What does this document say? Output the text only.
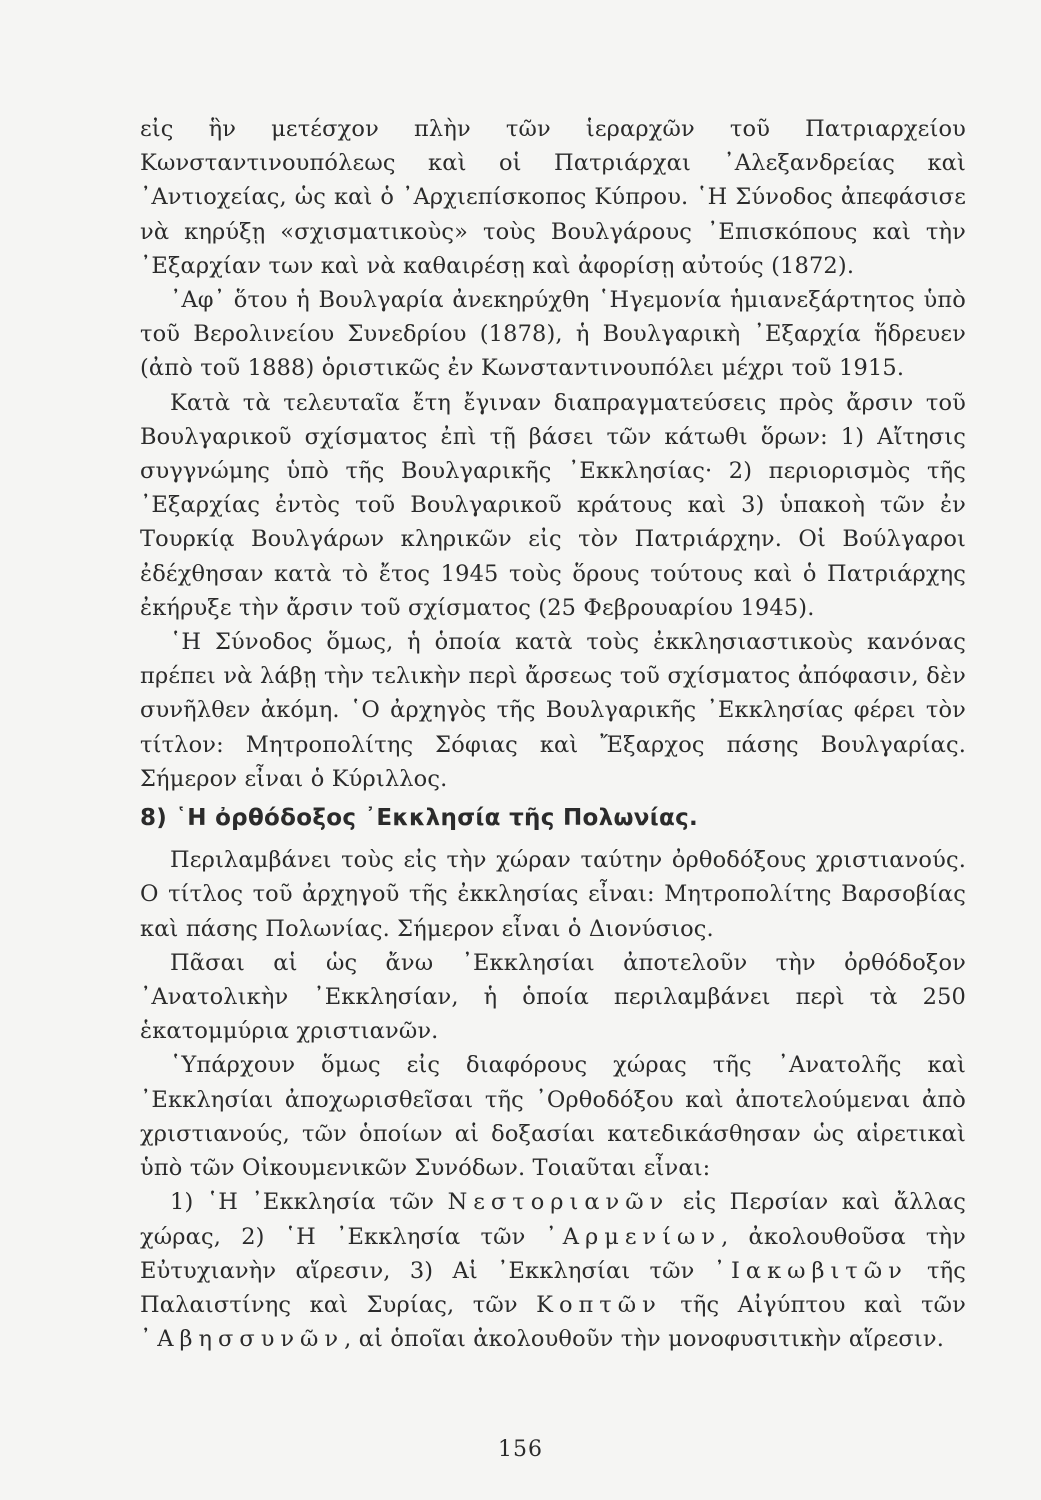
εἰς ἣν μετέσχον πλὴν τῶν ἱεραρχῶν τοῦ Πατριαρχείου Κωνσταντινουπόλεως καὶ οἱ Πατριάρχαι ᾿Αλεξανδρείας καὶ ᾿Αντιοχείας, ὡς καὶ ὁ ᾿Αρχιεπίσκοπος Κύπρου. ῾Η Σύνοδος ἀπεφάσισε νὰ κηρύξῃ «σχισματικοὺς» τοὺς Βουλγάρους ᾿Επισκόπους καὶ τὴν ᾿Εξαρχίαν των καὶ νὰ καθαιρέσῃ καὶ ἀφορίσῃ αὐτούς (1872).

᾿Αφ᾿ ὅτου ἡ Βουλγαρία ἀνεκηρύχθη ῾Ηγεμονία ἡμιανεξάρτητος ὑπὸ τοῦ Βερολινείου Συνεδρίου (1878), ἡ Βουλγαρικὴ ᾿Εξαρχία ἥδρευεν (ἀπὸ τοῦ 1888) ὁριστικῶς ἐν Κωνσταντινουπόλει μέχρι τοῦ 1915.

Κατὰ τὰ τελευταῖα ἔτη ἔγιναν διαπραγματεύσεις πρὸς ἄρσιν τοῦ Βουλγαρικοῦ σχίσματος ἐπὶ τῇ βάσει τῶν κάτωθι ὅρων: 1) Αἴτησις συγγνώμης ὑπὸ τῆς Βουλγαρικῆς ᾿Εκκλησίας· 2) περιορισμὸς τῆς ᾿Εξαρχίας ἐντὸς τοῦ Βουλγαρικοῦ κράτους καὶ 3) ὑπακοὴ τῶν ἐν Τουρκίᾳ Βουλγάρων κληρικῶν εἰς τὸν Πατριάρχην. Οἱ Βούλγαροι ἐδέχθησαν κατὰ τὸ ἔτος 1945 τοὺς ὅρους τούτους καὶ ὁ Πατριάρχης ἐκήρυξε τὴν ἄρσιν τοῦ σχίσματος (25 Φεβρουαρίου 1945).

῾Η Σύνοδος ὅμως, ἡ ὁποία κατὰ τοὺς ἐκκλησιαστικοὺς κανόνας πρέπει νὰ λάβῃ τὴν τελικὴν περὶ ἄρσεως τοῦ σχίσματος ἀπόφασιν, δὲν συνῆλθεν ἀκόμη. ῾Ο ἀρχηγὸς τῆς Βουλγαρικῆς ᾿Εκκλησίας φέρει τὸν τίτλον: Μητροπολίτης Σόφιας καὶ Ἔξαρχος πάσης Βουλγαρίας. Σήμερον εἶναι ὁ Κύριλλος.

8) ῾Η ὀρθόδοξος ᾿Εκκλησία τῆς Πολωνίας.

Περιλαμβάνει τοὺς εἰς τὴν χώραν ταύτην ὀρθοδόξους χριστιανούς. Ο τίτλος τοῦ ἀρχηγοῦ τῆς ἐκκλησίας εἶναι: Μητροπολίτης Βαρσοβίας καὶ πάσης Πολωνίας. Σήμερον εἶναι ὁ Διονύσιος.

Πᾶσαι αἱ ὡς ἄνω ᾿Εκκλησίαι ἀποτελοῦν τὴν ὀρθόδοξον ᾿Ανατολικὴν ᾿Εκκλησίαν, ἡ ὁποία περιλαμβάνει περὶ τὰ 250 ἑκατομμύρια χριστιανῶν.

῾Υπάρχουν ὅμως εἰς διαφόρους χώρας τῆς ᾿Ανατολῆς καὶ ᾿Εκκλησίαι ἀποχωρισθεῖσαι τῆς ᾿Ορθοδόξου καὶ ἀποτελούμεναι ἀπὸ χριστιανούς, τῶν ὁποίων αἱ δοξασίαι κατεδικάσθησαν ὡς αἱρετικαὶ ὑπὸ τῶν Οἰκουμενικῶν Συνόδων. Τοιαῦται εἶναι:

1) ῾Η ᾿Εκκλησία τῶν Νεστοριανῶν εἰς Περσίαν καὶ ἄλλας χώρας, 2) ῾Η ᾿Εκκλησία τῶν ᾿Αρμενίων, ἀκολουθοῦσα τὴν Εὐτυχιανὴν αἵρεσιν, 3) Αἱ ᾿Εκκλησίαι τῶν ᾿Ιακωβιτῶν τῆς Παλαιστίνης καὶ Συρίας, τῶν Κοπτῶν τῆς Αἰγύπτου καὶ τῶν ᾿Αβησσυνῶν, αἱ ὁποῖαι ἀκολουθοῦν τὴν μονοφυσιτικὴν αἵρεσιν.

156
